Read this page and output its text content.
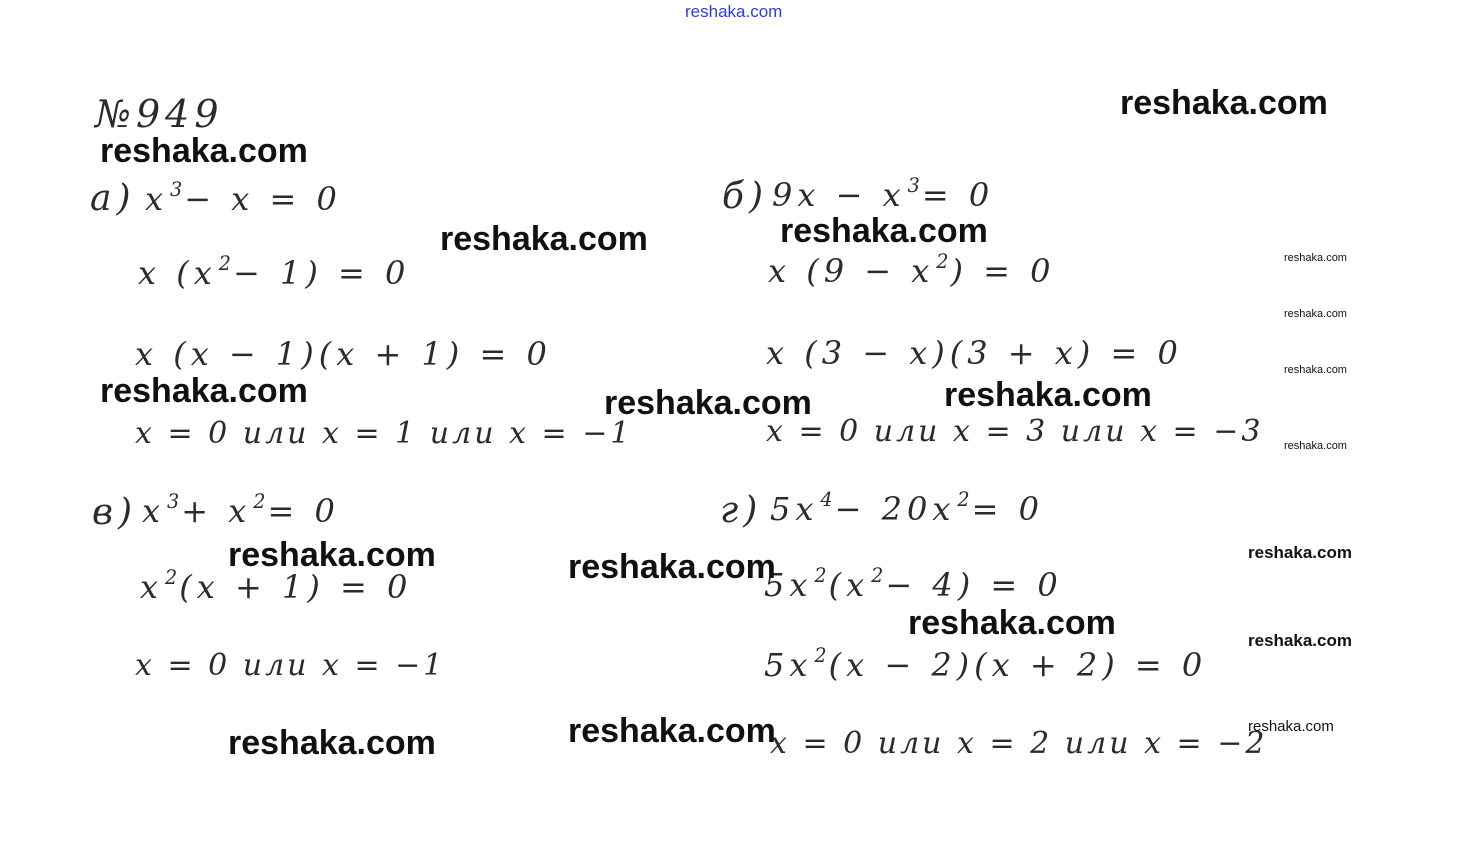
reshaka.com
№949
а) x $^3$− x = 0
x (x $^2$− 1) = 0
x (x − 1)(x + 1) = 0
x = 0 или x = 1 или x = −1
б) 9x − x $^3$= 0
x (9 − x $^2$) = 0
x (3 − x)(3 + x) = 0
x = 0 или x = 3 или x = −3
в) x $^3$+ x $^2$= 0
x $^2$(x + 1) = 0
x = 0 или x = −1
г) 5x $^4$− 20x $^2$= 0
5x $^2$(x $^2$− 4) = 0
5x $^2$(x − 2)(x + 2) = 0
x = 0 или x = 2 или x = −2
reshaka.com
reshaka.com
reshaka.com	reshaka.com
reshaka.com	reshaka.com	reshaka.com
reshaka.com	reshaka.com
reshaka.com
reshaka.com
reshaka.com
reshaka.com
reshaka.com
reshaka.com
reshaka.com
reshaka.com
reshaka.com
reshaka.com
